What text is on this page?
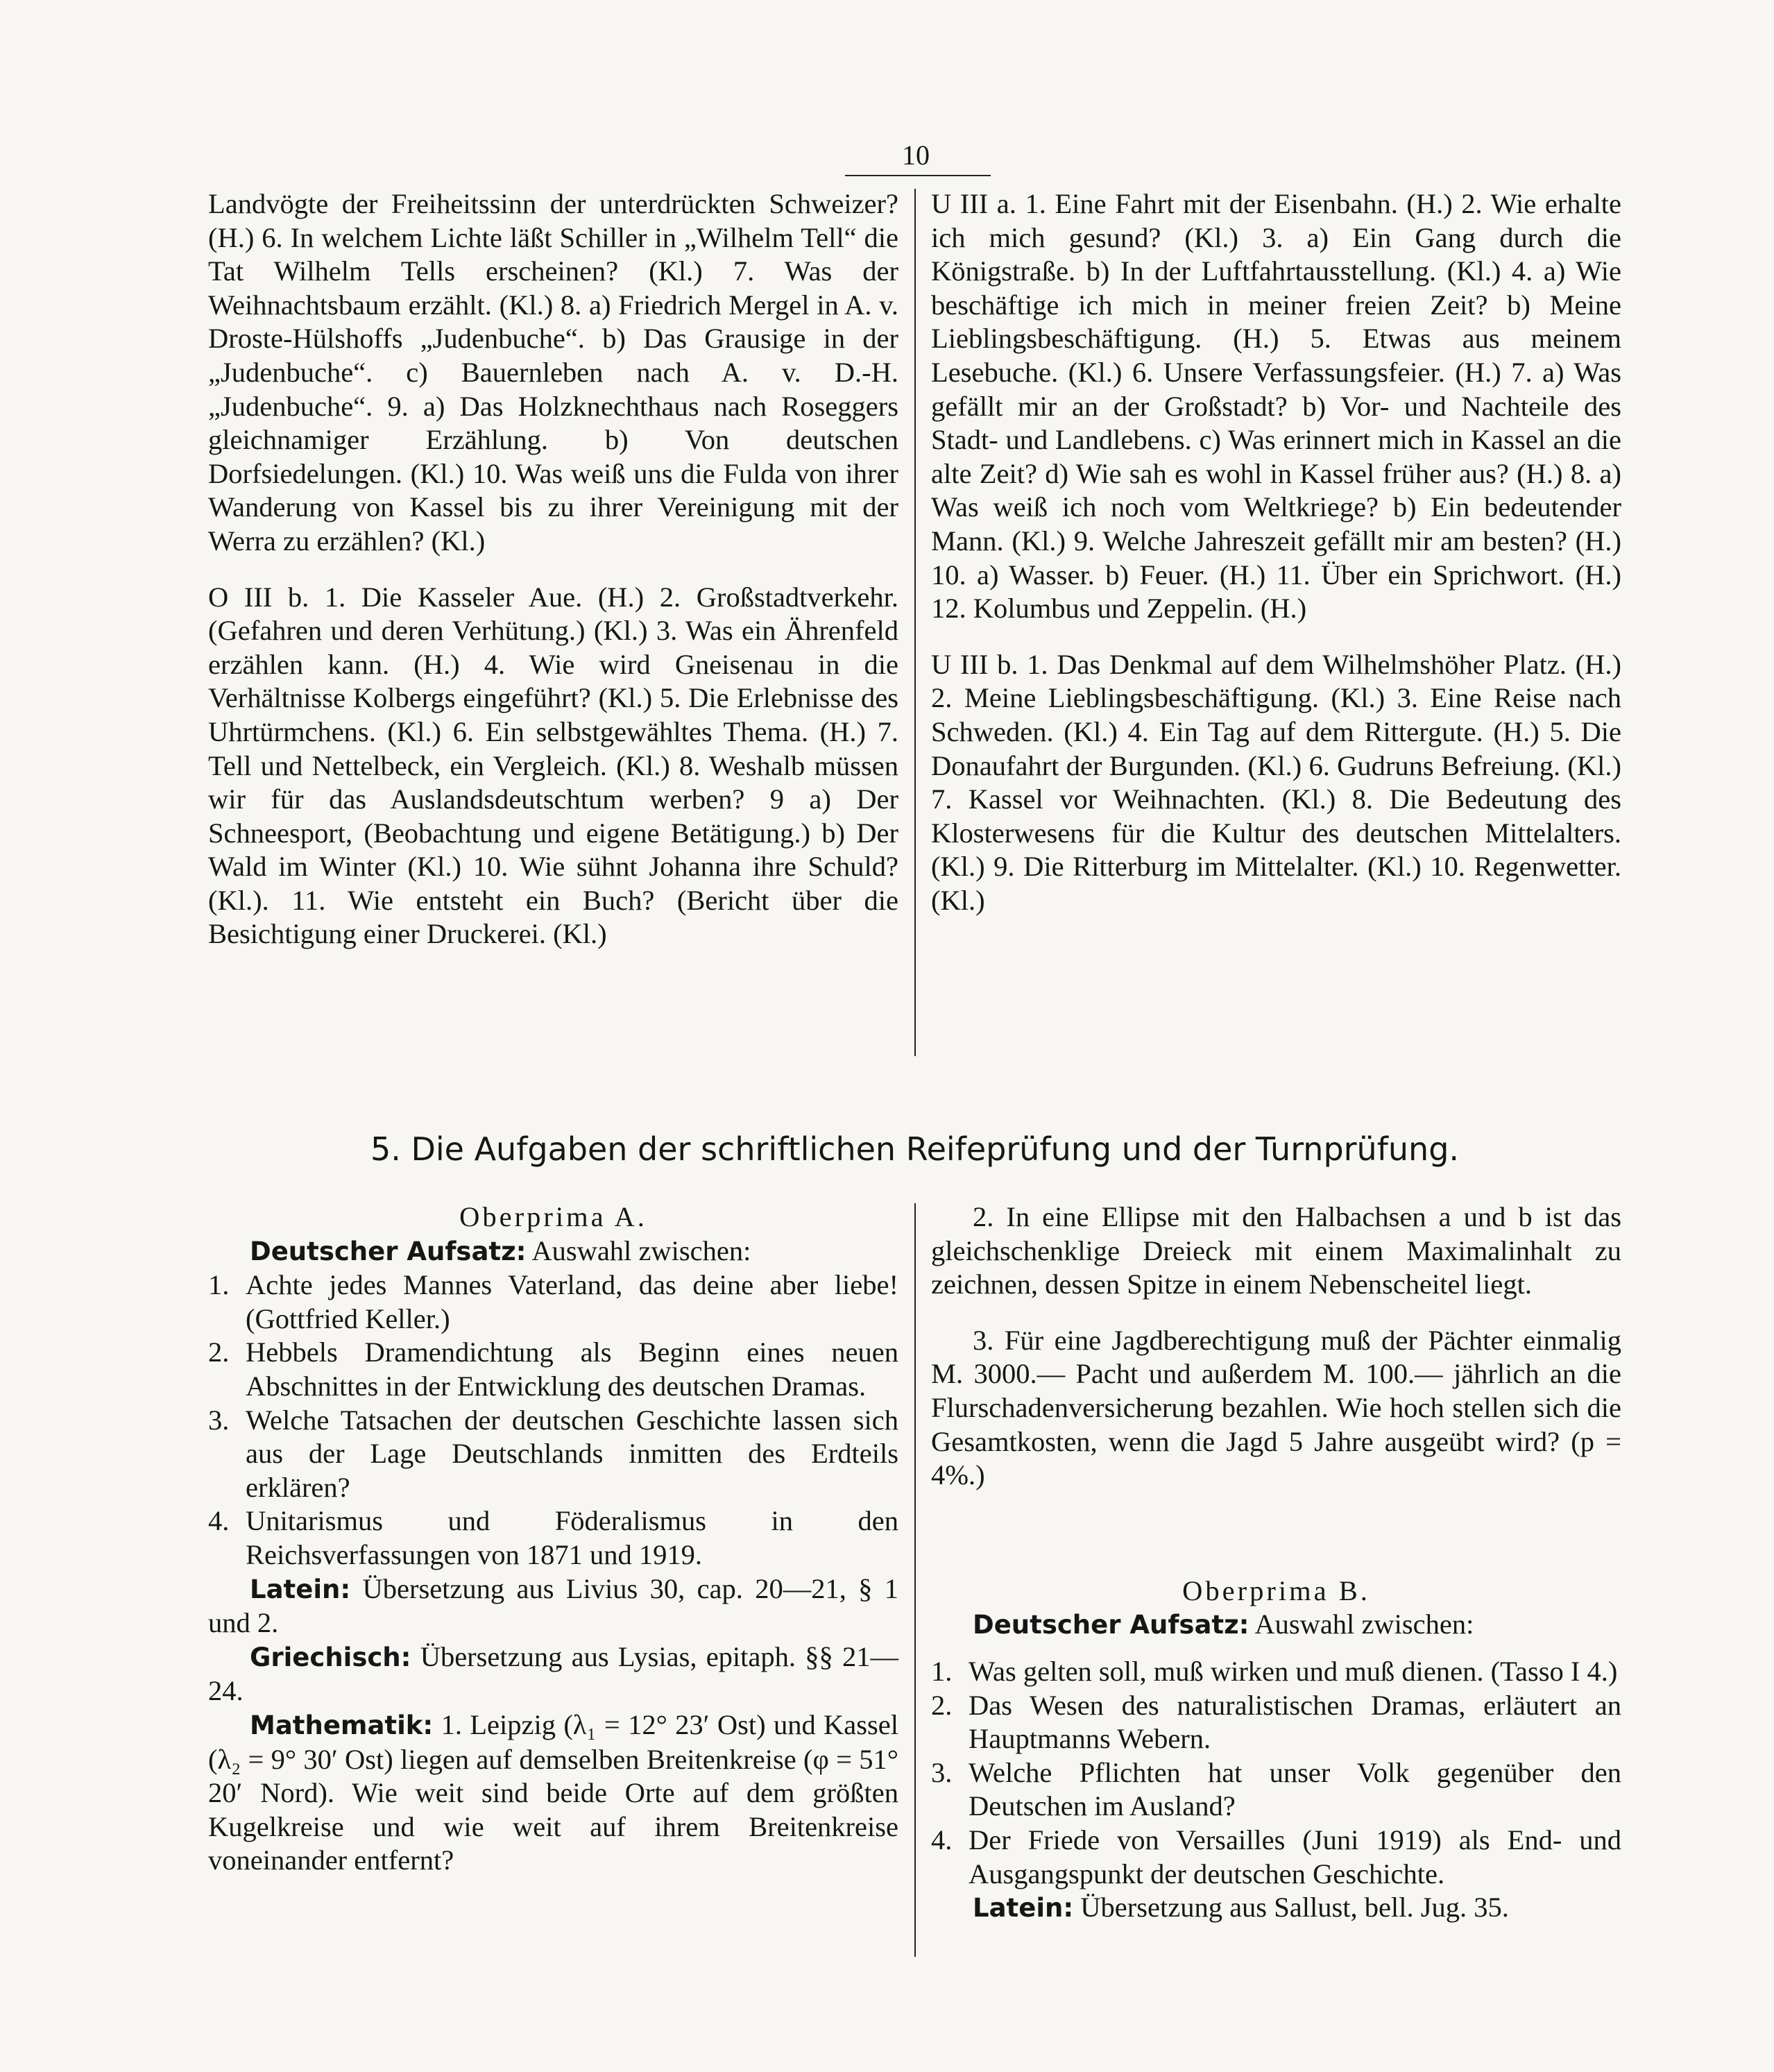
10

Landvögte der Freiheitssinn der unterdrückten Schweizer? (H.) 6. In welchem Lichte läßt Schiller in „Wilhelm Tell“ die Tat Wilhelm Tells erscheinen? (Kl.) 7. Was der Weihnachtsbaum erzählt. (Kl.) 8. a) Friedrich Mergel in A. v. Droste-Hülshoffs „Judenbuche“. b) Das Grausige in der „Judenbuche“. c) Bauernleben nach A. v. D.-H. „Judenbuche“. 9. a) Das Holzknechthaus nach Roseggers gleichnamiger Erzählung. b) Von deutschen Dorfsiedelungen. (Kl.) 10. Was weiß uns die Fulda von ihrer Wanderung von Kassel bis zu ihrer Vereinigung mit der Werra zu erzählen? (Kl.)

O III b. 1. Die Kasseler Aue. (H.) 2. Großstadtverkehr. (Gefahren und deren Verhütung.) (Kl.) 3. Was ein Ährenfeld erzählen kann. (H.) 4. Wie wird Gneisenau in die Verhältnisse Kolbergs eingeführt? (Kl.) 5. Die Erlebnisse des Uhrtürmchens. (Kl.) 6. Ein selbstgewähltes Thema. (H.) 7. Tell und Nettelbeck, ein Vergleich. (Kl.) 8. Weshalb müssen wir für das Auslandsdeutschtum werben? 9 a) Der Schneesport, (Beobachtung und eigene Betätigung.) b) Der Wald im Winter (Kl.) 10. Wie sühnt Johanna ihre Schuld? (Kl.). 11. Wie entsteht ein Buch? (Bericht über die Besichtigung einer Druckerei. (Kl.)

U III a. 1. Eine Fahrt mit der Eisenbahn. (H.) 2. Wie erhalte ich mich gesund? (Kl.) 3. a) Ein Gang durch die Königstraße. b) In der Luftfahrtausstellung. (Kl.) 4. a) Wie beschäftige ich mich in meiner freien Zeit? b) Meine Lieblingsbeschäftigung. (H.) 5. Etwas aus meinem Lesebuche. (Kl.) 6. Unsere Verfassungsfeier. (H.) 7. a) Was gefällt mir an der Großstadt? b) Vor- und Nachteile des Stadt- und Landlebens. c) Was erinnert mich in Kassel an die alte Zeit? d) Wie sah es wohl in Kassel früher aus? (H.) 8. a) Was weiß ich noch vom Weltkriege? b) Ein bedeutender Mann. (Kl.) 9. Welche Jahreszeit gefällt mir am besten? (H.) 10. a) Wasser. b) Feuer. (H.) 11. Über ein Sprichwort. (H.) 12. Kolumbus und Zeppelin. (H.)

U III b. 1. Das Denkmal auf dem Wilhelmshöher Platz. (H.) 2. Meine Lieblingsbeschäftigung. (Kl.) 3. Eine Reise nach Schweden. (Kl.) 4. Ein Tag auf dem Rittergute. (H.) 5. Die Donaufahrt der Burgunden. (Kl.) 6. Gudruns Befreiung. (Kl.) 7. Kassel vor Weihnachten. (Kl.) 8. Die Bedeutung des Klosterwesens für die Kultur des deutschen Mittelalters. (Kl.) 9. Die Ritterburg im Mittelalter. (Kl.) 10. Regenwetter. (Kl.)

5. Die Aufgaben der schriftlichen Reifeprüfung und der Turnprüfung.

Oberprima A.

Deutscher Aufsatz: Auswahl zwischen:

1. Achte jedes Mannes Vaterland, das deine aber liebe! (Gottfried Keller.)
2. Hebbels Dramendichtung als Beginn eines neuen Abschnittes in der Entwicklung des deutschen Dramas.
3. Welche Tatsachen der deutschen Geschichte lassen sich aus der Lage Deutschlands inmitten des Erdteils erklären?
4. Unitarismus und Föderalismus in den Reichsverfassungen von 1871 und 1919.

Latein: Übersetzung aus Livius 30, cap. 20—21, § 1 und 2.

Griechisch: Übersetzung aus Lysias, epitaph. §§ 21—24.

Mathematik: 1. Leipzig (λ₁ = 12° 23′ Ost) und Kassel (λ₂ = 9° 30′ Ost) liegen auf demselben Breitenkreise (φ = 51° 20′ Nord). Wie weit sind beide Orte auf dem größten Kugelkreise und wie weit auf ihrem Breitenkreise voneinander entfernt?

2. In eine Ellipse mit den Halbachsen a und b ist das gleichschenklige Dreieck mit einem Maximalinhalt zu zeichnen, dessen Spitze in einem Nebenscheitel liegt.

3. Für eine Jagdberechtigung muß der Pächter einmalig M. 3000.— Pacht und außerdem M. 100.— jährlich an die Flurschadenversicherung bezahlen. Wie hoch stellen sich die Gesamtkosten, wenn die Jagd 5 Jahre ausgeübt wird? (p = 4%.)

Oberprima B.

Deutscher Aufsatz: Auswahl zwischen:

1. Was gelten soll, muß wirken und muß dienen. (Tasso I 4.)
2. Das Wesen des naturalistischen Dramas, erläutert an Hauptmanns Webern.
3. Welche Pflichten hat unser Volk gegenüber den Deutschen im Ausland?
4. Der Friede von Versailles (Juni 1919) als End- und Ausgangspunkt der deutschen Geschichte.

Latein: Übersetzung aus Sallust, bell. Jug. 35.
